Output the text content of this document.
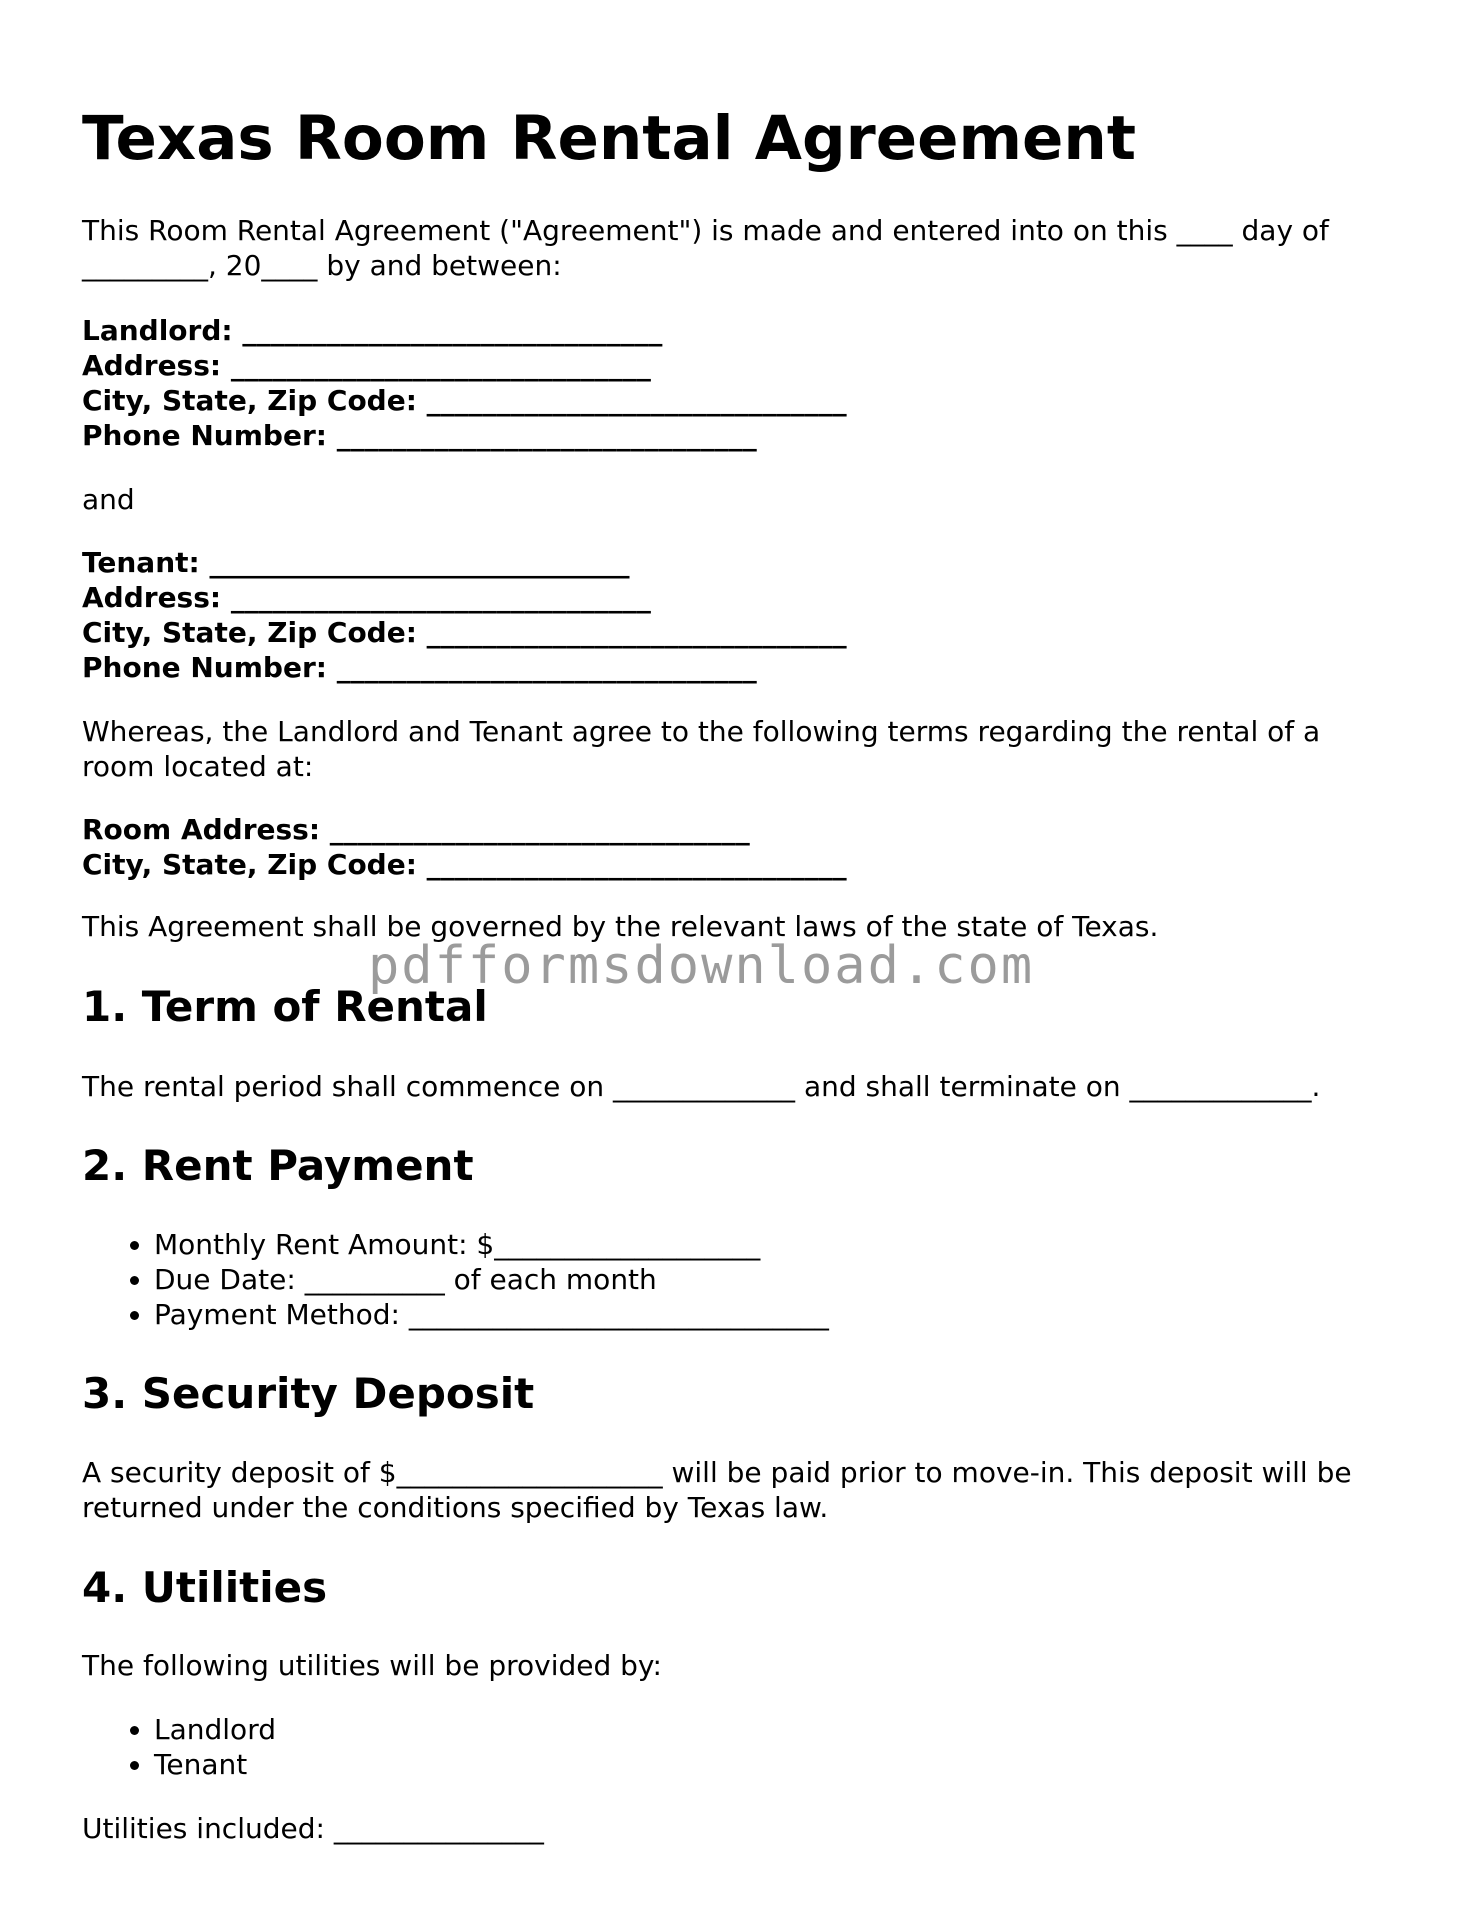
Texas Room Rental Agreement
This Room Rental Agreement ("Agreement") is made and entered into on this ____ day of
_________, 20____ by and between:
Landlord: ______________________________
Address: ______________________________
City, State, Zip Code: ______________________________
Phone Number: ______________________________
and
Tenant: ______________________________
Address: ______________________________
City, State, Zip Code: ______________________________
Phone Number: ______________________________
Whereas, the Landlord and Tenant agree to the following terms regarding the rental of a
room located at:
Room Address: ______________________________
City, State, Zip Code: ______________________________
This Agreement shall be governed by the relevant laws of the state of Texas.
1. Term of Rental
The rental period shall commence on _____________ and shall terminate on _____________.
2. Rent Payment
• Monthly Rent Amount: $___________________
• Due Date: __________ of each month
• Payment Method: ______________________________
3. Security Deposit
A security deposit of $___________________ will be paid prior to move-in. This deposit will be
returned under the conditions specified by Texas law.
4. Utilities
The following utilities will be provided by:
• Landlord
• Tenant
Utilities included: _______________
pdfformsdownload.com
